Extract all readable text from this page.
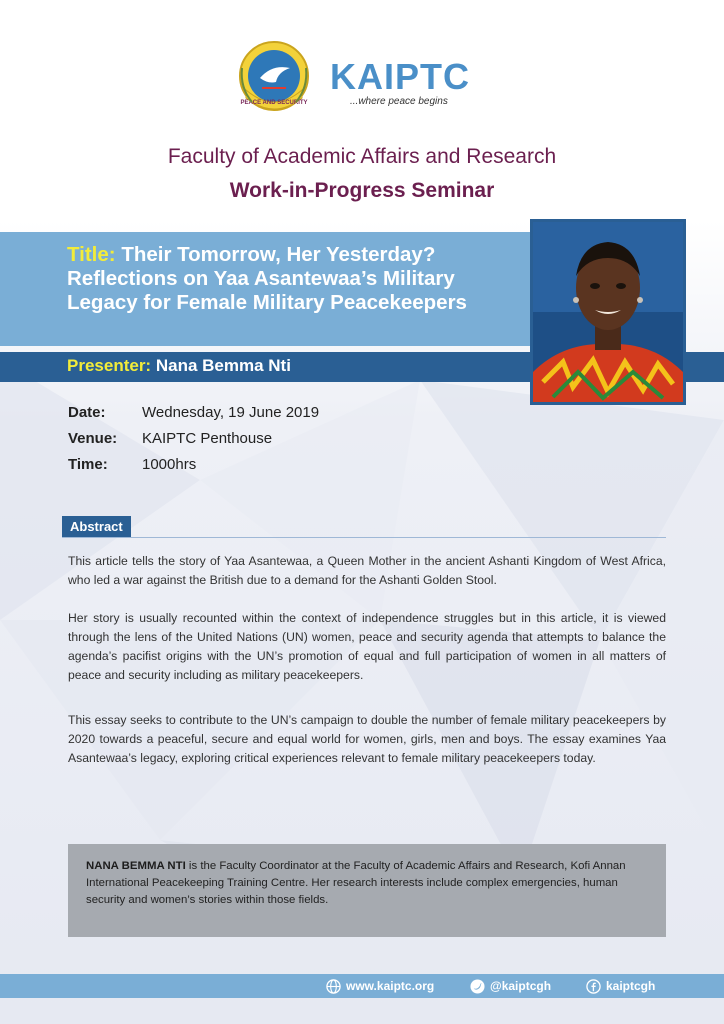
PEACE AND SECURITY
KAIPTC
...where peace begins
Faculty of Academic Affairs and Research
Work-in-Progress Seminar
Title: Their Tomorrow, Her Yesterday? Reflections on Yaa Asantewaa’s Military Legacy for Female Military Peacekeepers
Presenter: Nana Bemma Nti
Date:	Wednesday, 19 June 2019
Venue:	KAIPTC Penthouse
Time:	1000hrs
Abstract
This article tells the story of Yaa Asantewaa, a Queen Mother in the ancient Ashanti Kingdom of West Africa, who led a war against the British due to a demand for the Ashanti Golden Stool.
Her story is usually recounted within the context of independence struggles but in this article, it is viewed through the lens of the United Nations (UN) women, peace and security agenda that attempts to balance the agenda’s pacifist origins with the UN’s promotion of equal and full participation of women in all matters of peace and security including as military peacekeepers.
This essay seeks to contribute to the UN’s campaign to double the number of female military peacekeepers by 2020 towards a peaceful, secure and equal world for women, girls, men and boys. The essay examines Yaa Asantewaa’s legacy, exploring critical experiences relevant to female military peacekeepers today.
NANA BEMMA NTI is the Faculty Coordinator at the Faculty of Academic Affairs and Research, Kofi Annan International Peacekeeping Training Centre. Her research interests include complex emergencies, human security and women’s stories within those fields.
www.kaiptc.org	@kaiptcgh	kaiptcgh
